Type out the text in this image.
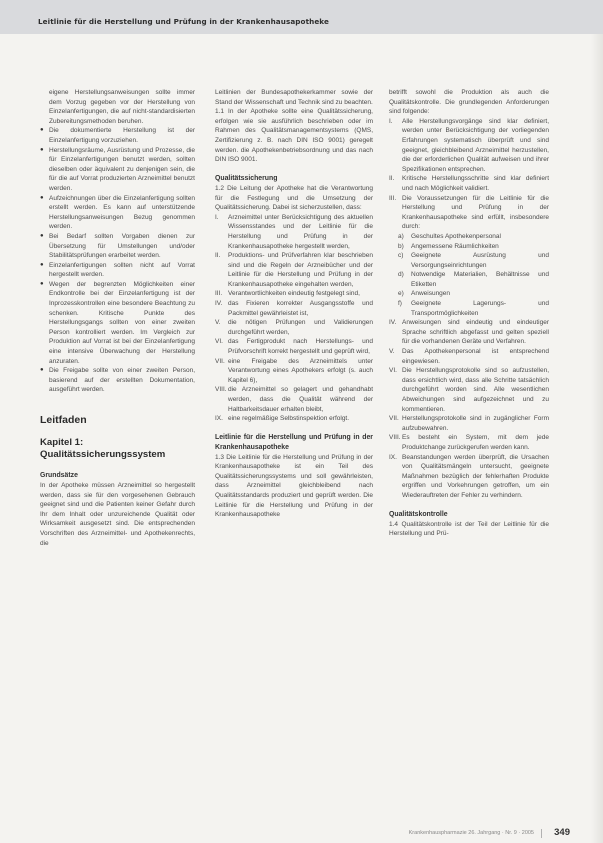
Leitlinie für die Herstellung und Prüfung in der Krankenhausapotheke

eigene Herstellungsanweisungen sollte immer dem Vorzug gegeben vor der Herstellung von Einzelanfertigungen, die auf nicht-standardisierten Zubereitungsmethoden beruhen.

● Die dokumentierte Herstellung ist der Einzelanfertigung vorzuziehen.
● Herstellungsräume, Ausrüstung und Prozesse, die für Einzelanfertigungen benutzt werden, sollten dieselben oder äquivalent zu denjenigen sein, die für die auf Vorrat produzierten Arzneimittel benutzt werden.
● Aufzeichnungen über die Einzelanfertigung sollten erstellt werden. Es kann auf unterstützende Herstellungsanweisungen Bezug genommen werden.
● Bei Bedarf sollten Vorgaben dienen zur Übersetzung für Umstellungen und/oder Stabilitätsprüfungen erarbeitet werden.
● Einzelanfertigungen sollten nicht auf Vorrat hergestellt werden.
● Wegen der begrenzten Möglichkeiten einer Endkontrolle bei der Einzelanfertigung ist der Inprozesskontrollen eine besondere Beachtung zu schenken. Kritische Punkte des Herstellungsgangs sollten von einer zweiten Person kontrolliert werden. Im Vergleich zur Produktion auf Vorrat ist bei der Einzelanfertigung eine intensive Überwachung der Herstellung anzuraten.
● Die Freigabe sollte von einer zweiten Person, basierend auf der erstellten Dokumentation, ausgeführt werden.
Leitfaden
Kapitel 1:
Qualitätssicherungssystem

Grundsätze

In der Apotheke müssen Arzneimittel so hergestellt werden, dass sie für den vorgesehenen Gebrauch geeignet sind und die Patienten keiner Gefahr durch Ihr dem Inhalt oder unzureichende Qualität oder Wirksamkeit ausgesetzt sind. Die entsprechenden Vorschriften des Arzneimittel- und Apothekenrechts, die

Leitlinien der Bundesapothekerkammer sowie der Stand der Wissenschaft und Technik sind zu beachten.

1.1 In der Apotheke sollte eine Qualitätssicherung, erfolgen wie sie ausführlich beschrieben oder im Rahmen des Qualitätsmanagementsystems (QMS, Zertifizierung z. B. nach DIN ISO 9001) geregelt werden. die Apothekenbetriebsordnung und das nach DIN ISO 9001.

Qualitätssicherung

1.2 Die Leitung der Apotheke hat die Verantwortung für die Festlegung und die Umsetzung der Qualitätssicherung. Dabei ist sicherzustellen, dass:

I. Arzneimittel unter Berücksichtigung des aktuellen Wissensstandes und der Leitlinie für die Herstellung und Prüfung in der Krankenhausapotheke hergestellt werden,
II. Produktions- und Prüfverfahren klar beschrieben sind und die Regeln der Arzneibücher und der Leitlinie für die Herstellung und Prüfung in der Krankenhausapotheke eingehalten werden,
III. Verantwortlichkeiten eindeutig festgelegt sind,
IV. das Fixieren korrekter Ausgangsstoffe und Packmittel gewährleistet ist,
V. die nötigen Prüfungen und Validierungen durchgeführt werden,
VI. das Fertigprodukt nach Herstellungs- und Prüfvorschrift korrekt hergestellt und geprüft wird,
VII. eine Freigabe des Arzneimittels unter Verantwortung eines Apothekers erfolgt (s. auch Kapitel 6),
VIII. die Arzneimittel so gelagert und gehandhabt werden, dass die Qualität während der Haltbarkeitsdauer erhalten bleibt,
IX. eine regelmäßige Selbstinspektion erfolgt.

Leitlinie für die Herstellung und Prüfung in der Krankenhausapotheke

1.3 Die Leitlinie für die Herstellung und Prüfung in der Krankenhausapotheke ist ein Teil des Qualitätssicherungssystems und soll gewährleisten, dass Arzneimittel gleichbleibend nach Qualitätsstandards produziert und geprüft werden. Die Leitlinie für die Herstellung und Prüfung in der Krankenhausapotheke

betrifft sowohl die Produktion als auch die Qualitätskontrolle. Die grundlegenden Anforderungen sind folgende:

I. Alle Herstellungsvorgänge sind klar definiert, werden unter Berücksichtigung der vorliegenden Erfahrungen systematisch überprüft und sind geeignet, gleichbleibend Arzneimittel herzustellen, die der erforderlichen Qualität aufweisen und ihrer Spezifikationen entsprechen.
II. Kritische Herstellungsschritte sind klar definiert und nach Möglichkeit validiert.
III. Die Voraussetzungen für die Leitlinie für die Herstellung und Prüfung in der Krankenhausapotheke sind erfüllt, insbesondere durch:
a) Geschultes Apothekenpersonal
b) Angemessene Räumlichkeiten
c) Geeignete Ausrüstung und Versorgungseinrichtungen
d) Notwendige Materialien, Behältnisse und Etiketten
e) Anweisungen
f) Geeignete Lagerungs- und Transportmöglichkeiten
IV. Anweisungen sind eindeutig und eindeutiger Sprache schriftlich abgefasst und gelten speziell für die vorhandenen Geräte und Verfahren.
V. Das Apothekenpersonal ist entsprechend eingewiesen.
VI. Die Herstellungsprotokolle sind so aufzustellen, dass ersichtlich wird, dass alle Schritte tatsächlich durchgeführt worden sind. Alle wesentlichen Abweichungen sind aufgezeichnet und zu kommentieren.
VII. Herstellungsprotokolle sind in zugänglicher Form aufzubewahren.
VIII. Es besteht ein System, mit dem jede Produktchange zurückgerufen werden kann.
IX. Beanstandungen werden überprüft, die Ursachen von Qualitätsmängeln untersucht, geeignete Maßnahmen bezüglich der fehlerhaften Produkte ergriffen und Vorkehrungen getroffen, um ein Wiederauftreten der Fehler zu verhindern.

Qualitätskontrolle

1.4 Qualitätskontrolle ist der Teil der Leitlinie für die Herstellung und Prü-

Krankenhauspharmazie 26. Jahrgang · Nr. 9 · 2005 349
